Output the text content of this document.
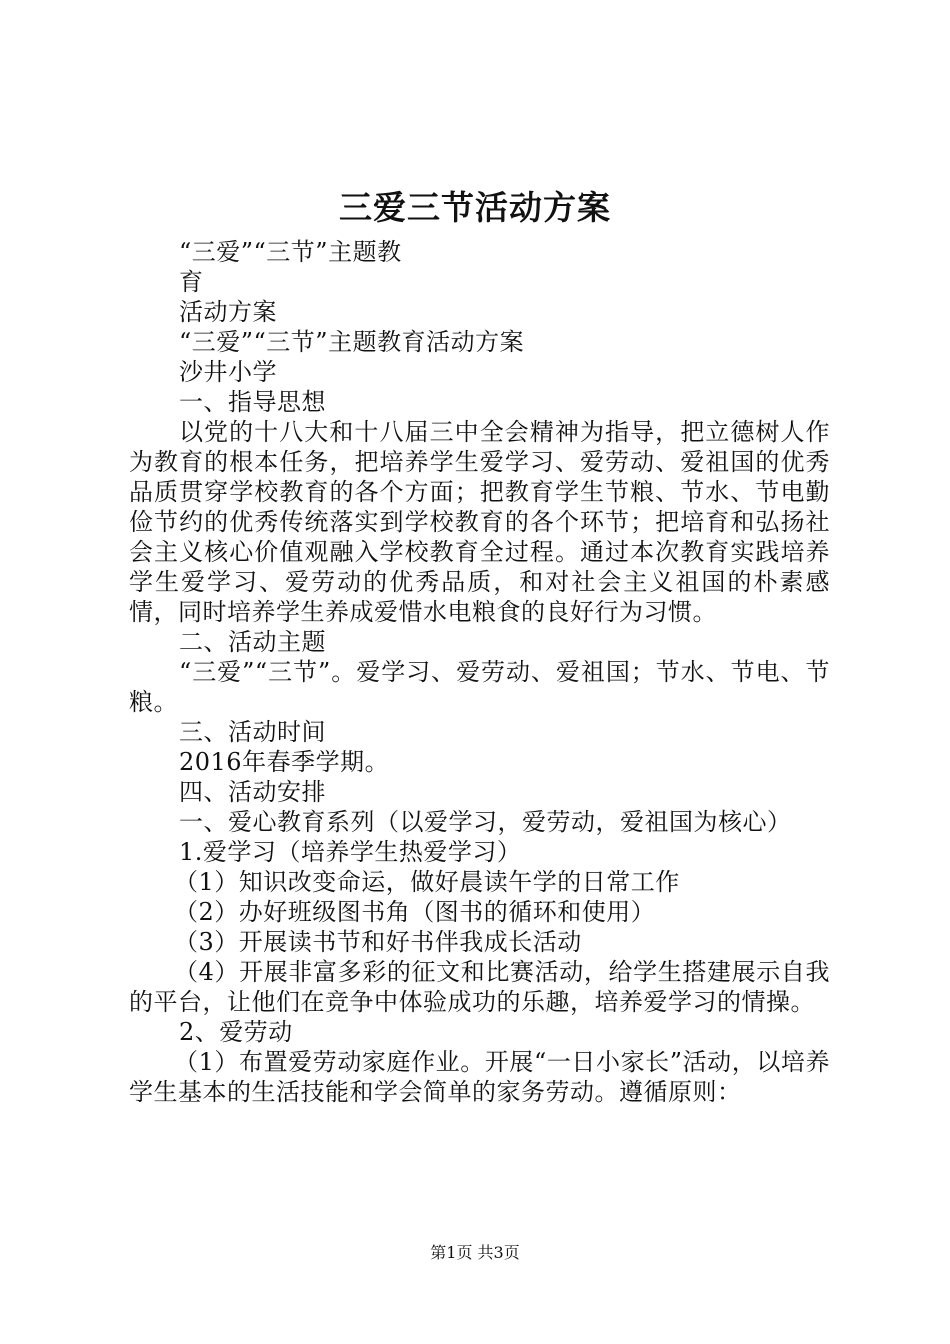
三爱三节活动方案

“三爱”“三节”主题教

育

活动方案

“三爱”“三节”主题教育活动方案

沙井小学

一、指导思想

以党的十八大和十八届三中全会精神为指导，把立德树人作为教育的根本任务，把培养学生爱学习、爱劳动、爱祖国的优秀品质贯穿学校教育的各个方面；把教育学生节粮、节水、节电勤俭节约的优秀传统落实到学校教育的各个环节；把培育和弘扬社会主义核心价值观融入学校教育全过程。通过本次教育实践培养学生爱学习、爱劳动的优秀品质，和对社会主义祖国的朴素感情，同时培养学生养成爱惜水电粮食的良好行为习惯。

二、活动主题

“三爱”“三节”。爱学习、爱劳动、爱祖国；节水、节电、节粮。

三、活动时间

2016年春季学期。

四、活动安排

一、爱心教育系列（以爱学习，爱劳动，爱祖国为核心）

1.爱学习（培养学生热爱学习）

（1）知识改变命运，做好晨读午学的日常工作

（2）办好班级图书角（图书的循环和使用）

（3）开展读书节和好书伴我成长活动

（4）开展非富多彩的征文和比赛活动，给学生搭建展示自我的平台，让他们在竞争中体验成功的乐趣，培养爱学习的情操。

2、爱劳动

（1）布置爱劳动家庭作业。开展“一日小家长”活动，以培养学生基本的生活技能和学会简单的家务劳动。遵循原则：

第1页 共3页
